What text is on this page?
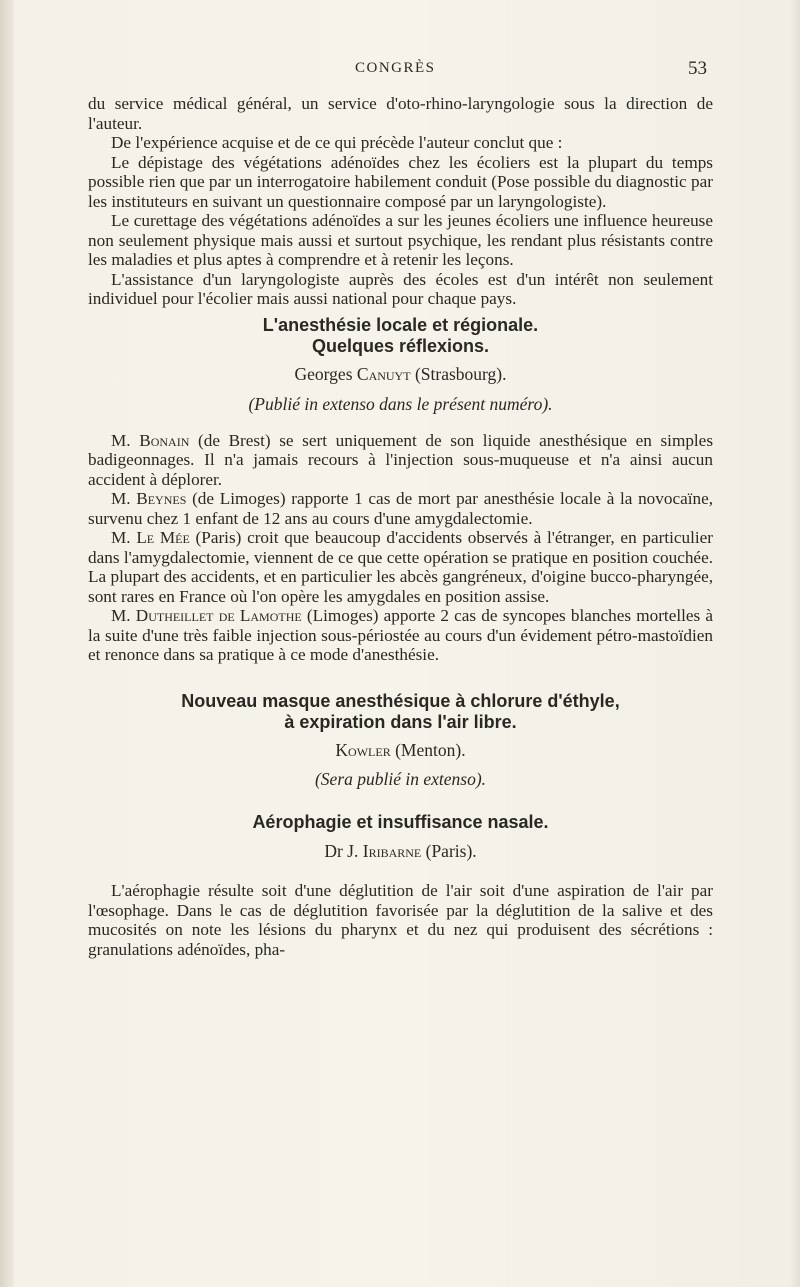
CONGRÈS	53

du service médical général, un service d'oto-rhino-laryngologie sous la direction de l'auteur.

De l'expérience acquise et de ce qui précède l'auteur conclut que :

Le dépistage des végétations adénoïdes chez les écoliers est la plupart du temps possible rien que par un interrogatoire habilement conduit (Pose possible du diagnostic par les instituteurs en suivant un questionnaire composé par un laryngologiste).

Le curettage des végétations adénoïdes a sur les jeunes écoliers une influence heureuse non seulement physique mais aussi et surtout psychique, les rendant plus résistants contre les maladies et plus aptes à comprendre et à retenir les leçons.

L'assistance d'un laryngologiste auprès des écoles est d'un intérêt non seulement individuel pour l'écolier mais aussi national pour chaque pays.

L'anesthésie locale et régionale.

Quelques réflexions.

Georges Canuyt (Strasbourg).

(Publié in extenso dans le présent numéro).

M. Bonain (de Brest) se sert uniquement de son liquide anesthésique en simples badigeonnages. Il n'a jamais recours à l'injection sous-muqueuse et n'a ainsi aucun accident à déplorer.

M. Beynes (de Limoges) rapporte 1 cas de mort par anesthésie locale à la novocaïne, survenu chez 1 enfant de 12 ans au cours d'une amygdalectomie.

M. Le Mée (Paris) croit que beaucoup d'accidents observés à l'étranger, en particulier dans l'amygdalectomie, viennent de ce que cette opération se pratique en position couchée. La plupart des accidents, et en particulier les abcès gangréneux, d'oigine bucco-pharyngée, sont rares en France où l'on opère les amygdales en position assise.

M. Dutheillet de Lamothe (Limoges) apporte 2 cas de syncopes blanches mortelles à la suite d'une très faible injection sous-périostée au cours d'un évidement pétro-mastoïdien et renonce dans sa pratique à ce mode d'anesthésie.

Nouveau masque anesthésique à chlorure d'éthyle,

à expiration dans l'air libre.

Kowler (Menton).

(Sera publié in extenso).

Aérophagie et insuffisance nasale.

Dr J. Iribarne (Paris).

L'aérophagie résulte soit d'une déglutition de l'air soit d'une aspiration de l'air par l'œsophage. Dans le cas de déglutition favorisée par la déglutition de la salive et des mucosités on note les lésions du pharynx et du nez qui produisent des sécrétions : granulations adénoïdes, pha-
